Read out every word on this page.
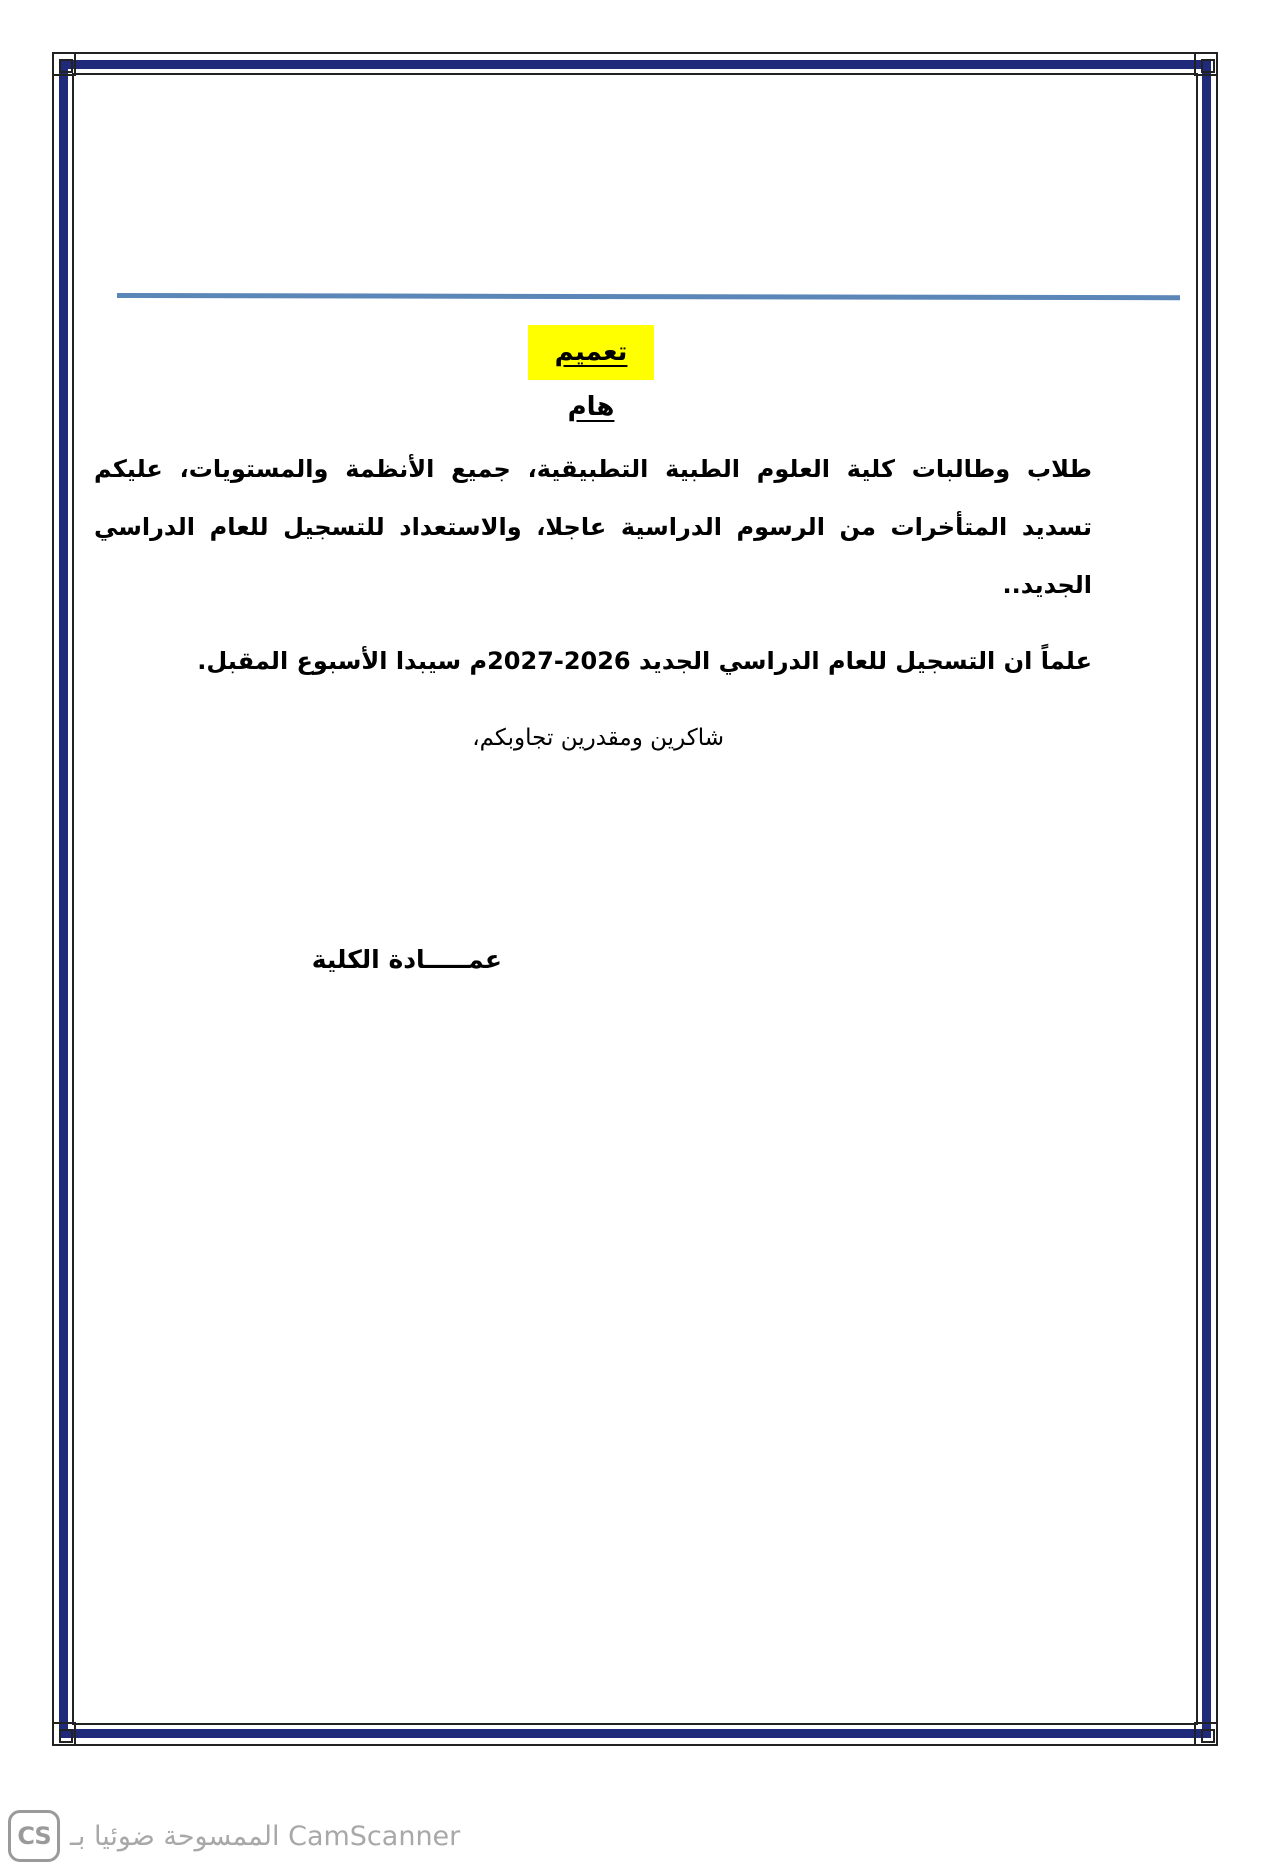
تعميم هام
طلاب وطالبات كلية العلوم الطبية التطبيقية، جميع الأنظمة والمستويات، عليكم تسديد المتأخرات من الرسوم الدراسية عاجلا، والاستعداد للتسجيل للعام الدراسي الجديد..
علماً ان التسجيل للعام الدراسي الجديد 2026-2027م سيبدا الأسبوع المقبل.
شاكرين ومقدرين تجاوبكم،
عمـــــادة الكلية
CS الممسوحة ضوئيا بـ CamScanner
